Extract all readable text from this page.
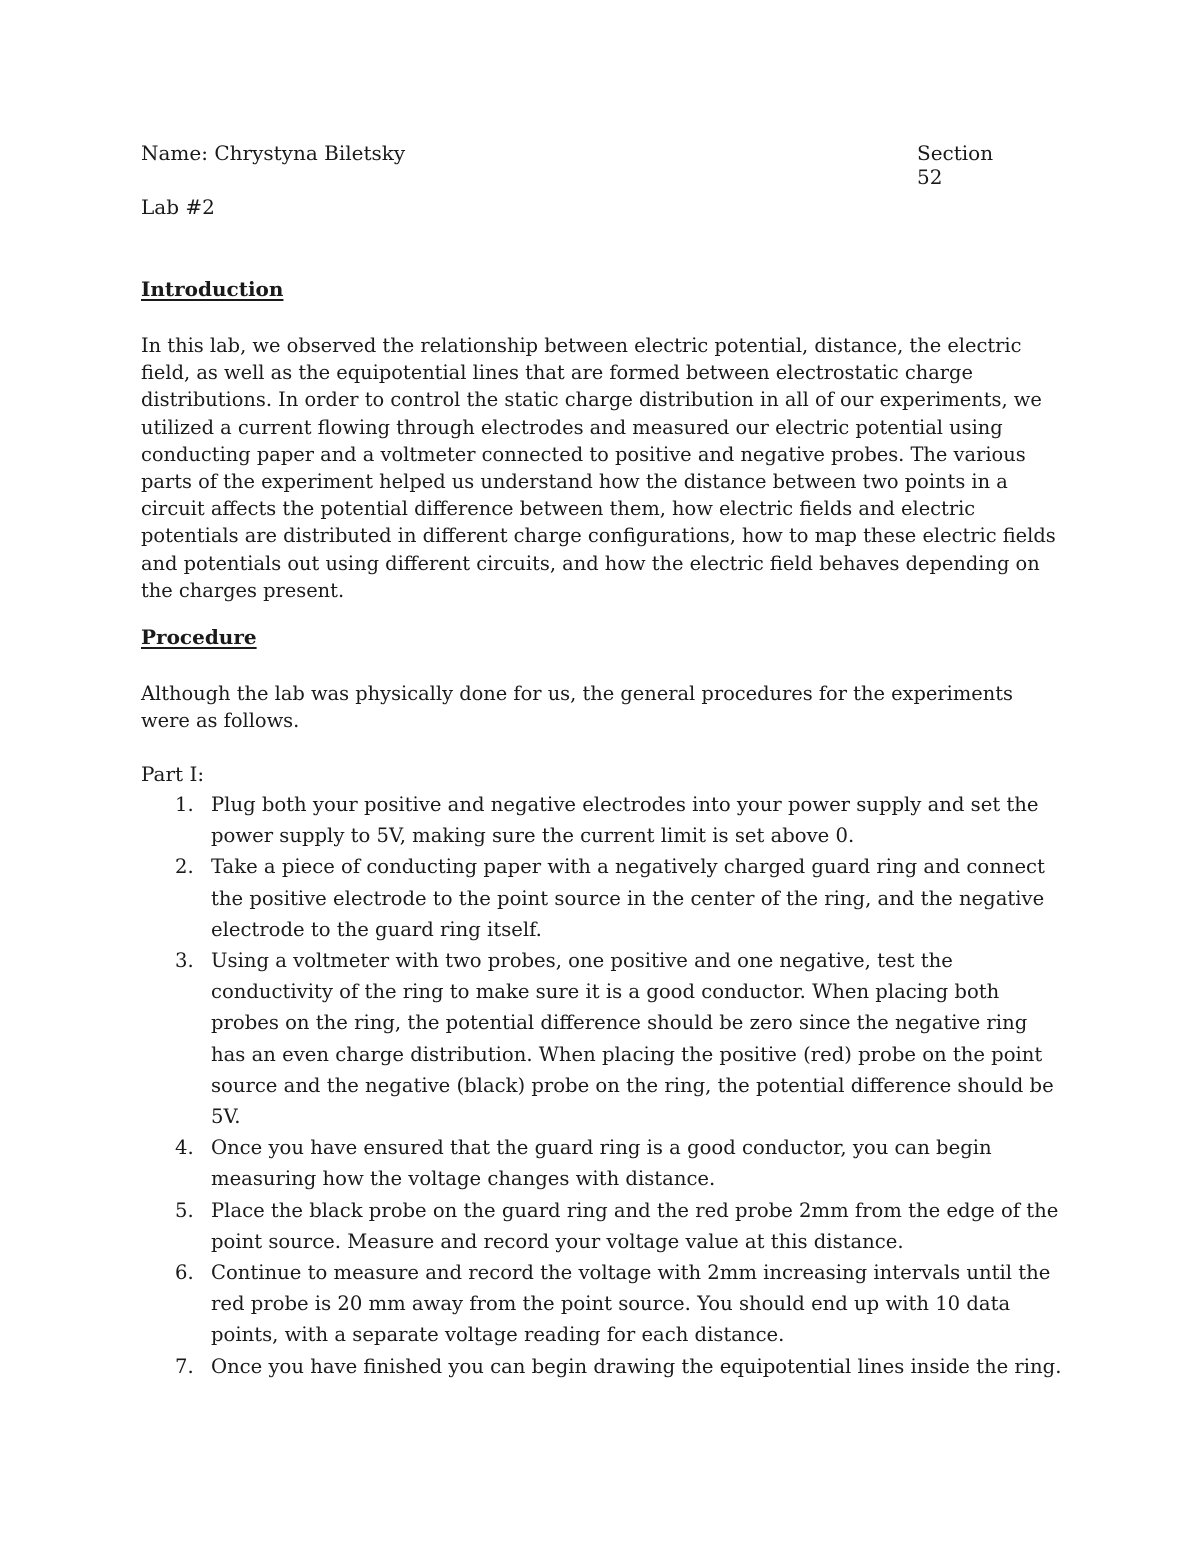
Name: Chrystyna Biletsky	Section 52
Lab #2
Introduction
In this lab, we observed the relationship between electric potential, distance, the electric field, as well as the equipotential lines that are formed between electrostatic charge distributions. In order to control the static charge distribution in all of our experiments, we utilized a current flowing through electrodes and measured our electric potential using conducting paper and a voltmeter connected to positive and negative probes. The various parts of the experiment helped us understand how the distance between two points in a circuit affects the potential difference between them, how electric fields and electric potentials are distributed in different charge configurations, how to map these electric fields and potentials out using different circuits, and how the electric field behaves depending on the charges present.
Procedure
Although the lab was physically done for us, the general procedures for the experiments were as follows.
Part I:
1. Plug both your positive and negative electrodes into your power supply and set the power supply to 5V, making sure the current limit is set above 0.
2. Take a piece of conducting paper with a negatively charged guard ring and connect the positive electrode to the point source in the center of the ring, and the negative electrode to the guard ring itself.
3. Using a voltmeter with two probes, one positive and one negative, test the conductivity of the ring to make sure it is a good conductor. When placing both probes on the ring, the potential difference should be zero since the negative ring has an even charge distribution. When placing the positive (red) probe on the point source and the negative (black) probe on the ring, the potential difference should be 5V.
4. Once you have ensured that the guard ring is a good conductor, you can begin measuring how the voltage changes with distance.
5. Place the black probe on the guard ring and the red probe 2mm from the edge of the point source. Measure and record your voltage value at this distance.
6. Continue to measure and record the voltage with 2mm increasing intervals until the red probe is 20 mm away from the point source. You should end up with 10 data points, with a separate voltage reading for each distance.
7. Once you have finished you can begin drawing the equipotential lines inside the ring.
